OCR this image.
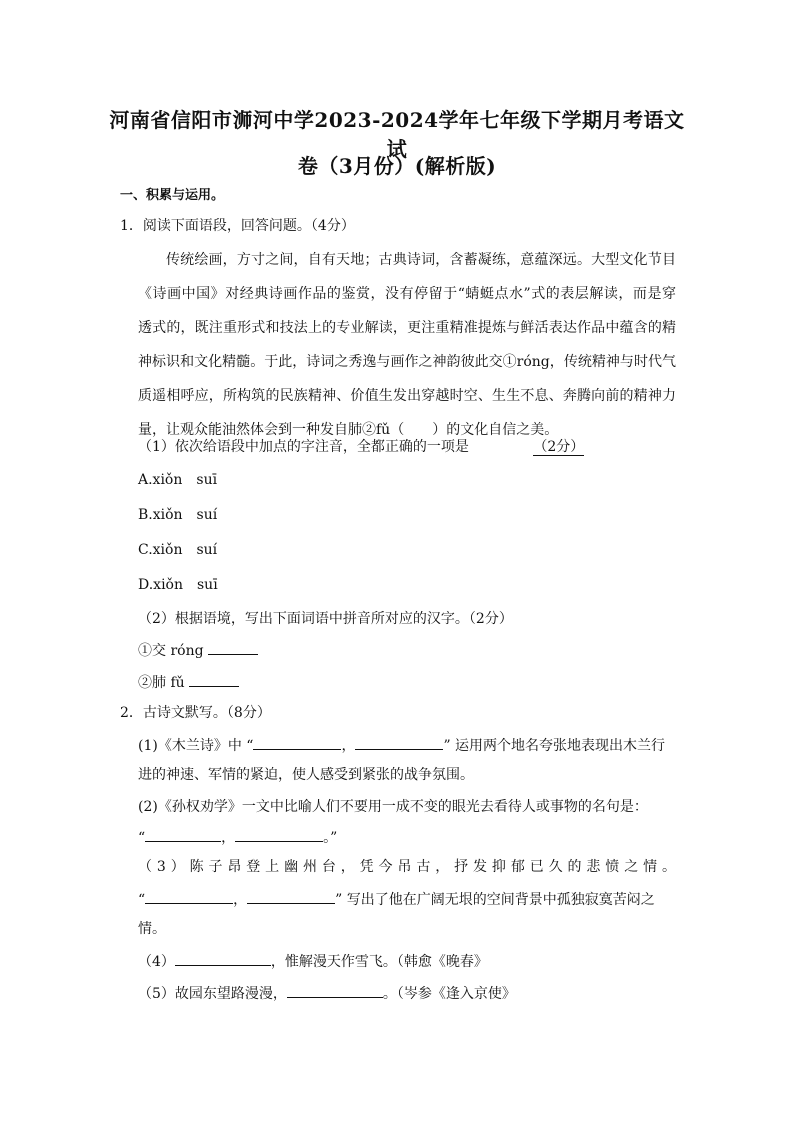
河南省信阳市浉河中学2023-2024学年七年级下学期月考语文试
卷（3月份）(解析版)
一、积累与运用。
1．阅读下面语段，回答问题。（4分）
传统绘画，方寸之间，自有天地；古典诗词，含蓄凝练，意蕴深远。大型文化节目
《诗画中国》对经典诗画作品的鉴赏，没有停留于“蜻蜓点水”式的表层解读，而是穿
透式的，既注重形式和技法上的专业解读，更注重精准提炼与鲜活表达作品中蕴含的精
神标识和文化精髓。于此，诗词之秀逸与画作之神韵彼此交①róng，传统精神与时代气
质遥相呼应，所构筑的民族精神、价值生发出穿越时空、生生不息、奔腾向前的精神力
量，让观众能油然体会到一种发自肺②fǔ（　　）的文化自信之美。
（1）依次给语段中加点的字注音，全都正确的一项是	（2分）
A.xiǒn　suī
B.xiǒn　suí
C.xiǒn　suí
D.xiǒn　suī
（2）根据语境，写出下面词语中拼音所对应的汉字。（2分）
①交 róng
②肺 fǔ
2．古诗文默写。（8分）
(1)《木兰诗》中 “	，	” 运用两个地名夸张地表现出木兰行
进的神速、军情的紧迫，使人感受到紧张的战争氛围。
(2)《孙权劝学》一文中比喻人们不要用一成不变的眼光去看待人或事物的名句是：
“	，	。”
（3）陈子昂登上幽州台，凭今吊古，抒发抑郁已久的悲愤之情。
“	，	” 写出了他在广阔无垠的空间背景中孤独寂寞苦闷之
情。
（4）	，惟解漫天作雪飞。（韩愈《晚春》
（5）故园东望路漫漫，	。（岑参《逢入京使》
